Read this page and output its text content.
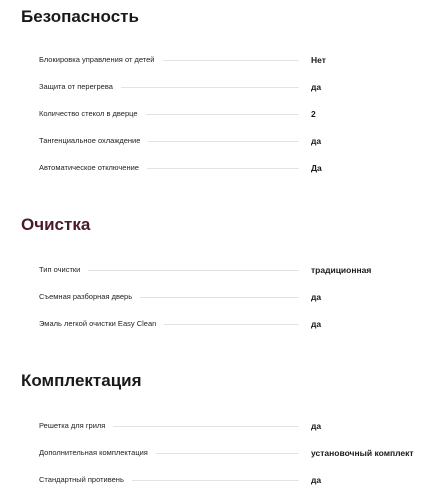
Безопасность
Блокировка управления от детей	Нет
Защита от перегрева	да
Количество стекол в дверце	2
Тангенциальное охлаждение	да
Автоматическое отключение	Да
Очистка
Тип очистки	традиционная
Съемная разборная дверь	да
Эмаль легкой очистки Easy Clean	да
Комплектация
Решетка для гриля	да
Дополнительная комплектация	установочный комплект
Стандартный противень	да
